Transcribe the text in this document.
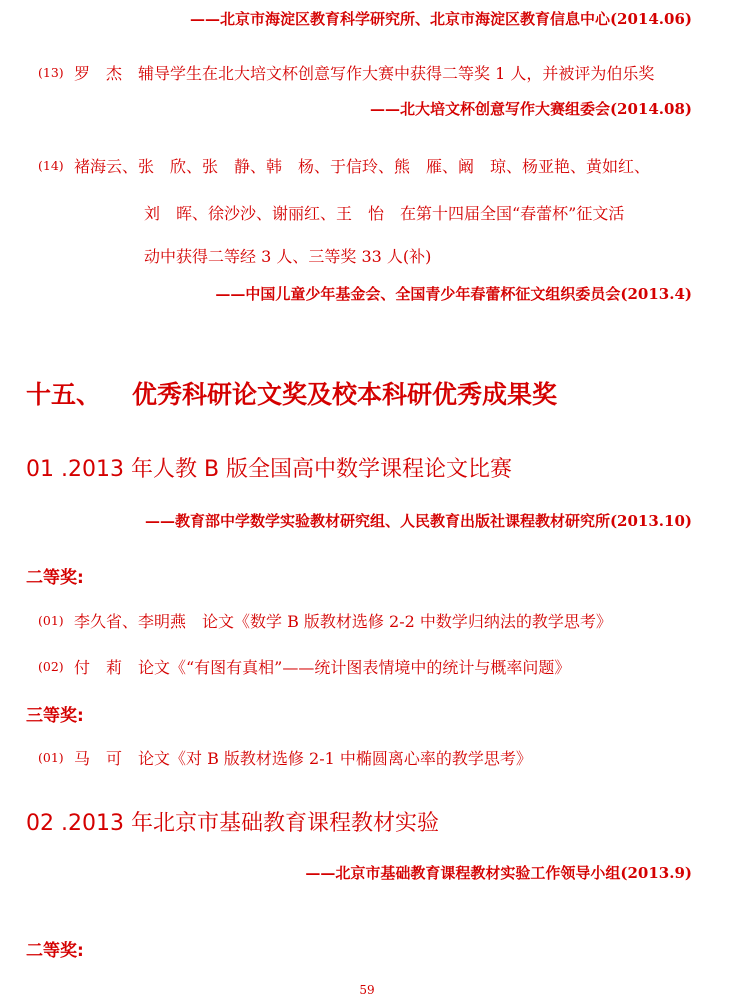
——北京市海淀区教育科学研究所、北京市海淀区教育信息中心(2014.06)
(13) 罗　杰　辅导学生在北大培文杯创意写作大赛中获得二等奖 1 人，并被评为伯乐奖
——北大培文杯创意写作大赛组委会(2014.08)
(14) 褚海云、张　欣、张　静、韩　杨、于信玲、熊　雁、阚　琼、杨亚艳、黄如红、
刘　晖、徐沙沙、谢丽红、王　怡　在第十四届全国“春蕾杯”征文活
动中获得二等经 3 人、三等奖 33 人(补)
——中国儿童少年基金会、全国青少年春蕾杯征文组织委员会(2013.4)
十五、 优秀科研论文奖及校本科研优秀成果奖
01 .2013 年人教 B 版全国高中数学课程论文比赛
——教育部中学数学实验教材研究组、人民教育出版社课程教材研究所(2013.10)
二等奖:
(01) 李久省、李明燕　论文《数学 B 版教材选修 2-2 中数学归纳法的教学思考》
(02) 付　莉　论文《“有图有真相”——统计图表情境中的统计与概率问题》
三等奖:
(01) 马　可　论文《对 B 版教材选修 2-1 中椭圆离心率的教学思考》
02 .2013 年北京市基础教育课程教材实验
——北京市基础教育课程教材实验工作领导小组(2013.9)
二等奖:
59
